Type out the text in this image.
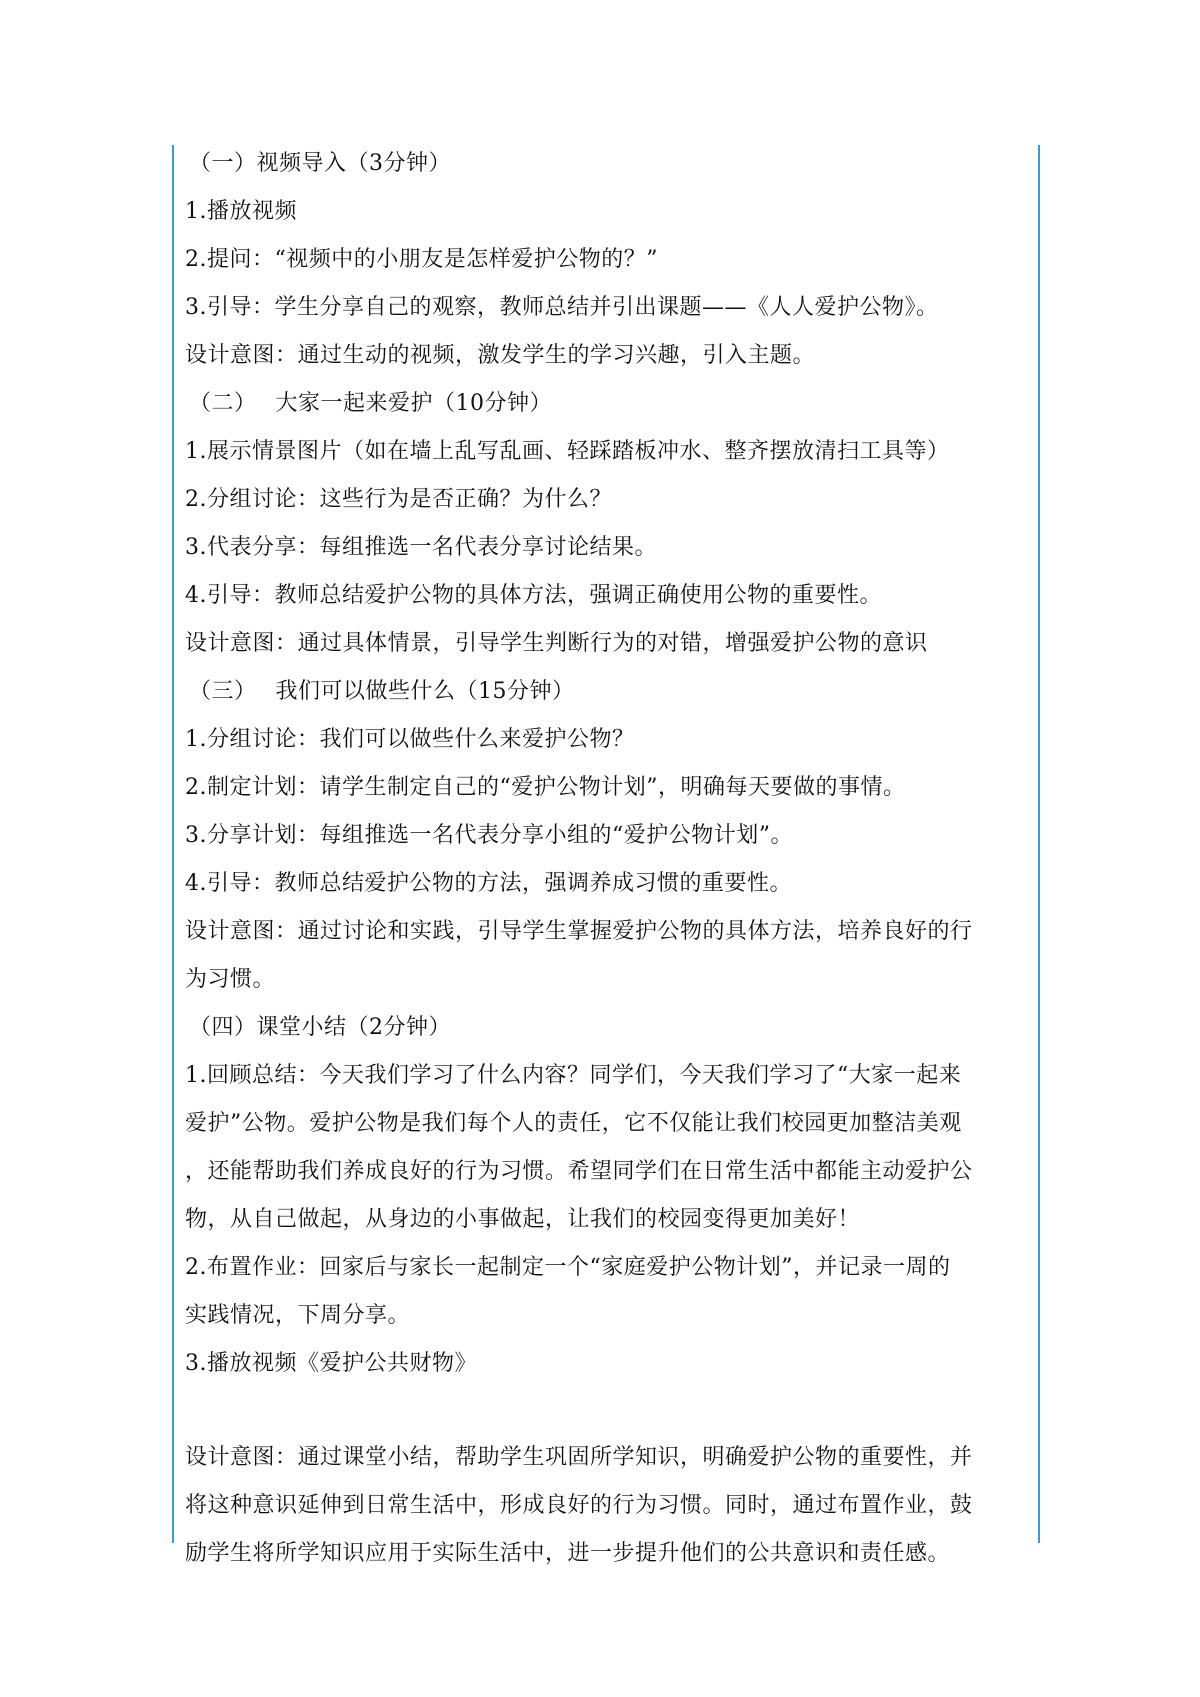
（一）视频导入（3分钟）
1.播放视频
2.提问：“视频中的小朋友是怎样爱护公物的？”
3.引导：学生分享自己的观察，教师总结并引出课题——《人人爱护公物》。
设计意图：通过生动的视频，激发学生的学习兴趣，引入主题。
（二）　 大家一起来爱护（10分钟）
1.展示情景图片（如在墙上乱写乱画、轻踩踏板冲水、整齐摆放清扫工具等）
2.分组讨论：这些行为是否正确？为什么？
3.代表分享：每组推选一名代表分享讨论结果。
4.引导：教师总结爱护公物的具体方法，强调正确使用公物的重要性。
设计意图：通过具体情景，引导学生判断行为的对错，增强爱护公物的意识
（三）　 我们可以做些什么（15分钟）
1.分组讨论：我们可以做些什么来爱护公物？
2.制定计划：请学生制定自己的“爱护公物计划”，明确每天要做的事情。
3.分享计划：每组推选一名代表分享小组的“爱护公物计划”。
4.引导：教师总结爱护公物的方法，强调养成习惯的重要性。
设计意图：通过讨论和实践，引导学生掌握爱护公物的具体方法，培养良好的行
为习惯。
（四）课堂小结（2分钟）
1.回顾总结：今天我们学习了什么内容？同学们，今天我们学习了“大家一起来
爱护”公物。爱护公物是我们每个人的责任，它不仅能让我们校园更加整洁美观
，还能帮助我们养成良好的行为习惯。希望同学们在日常生活中都能主动爱护公
物，从自己做起，从身边的小事做起，让我们的校园变得更加美好！
2.布置作业：回家后与家长一起制定一个“家庭爱护公物计划”，并记录一周的
实践情况，下周分享。
3.播放视频《爱护公共财物》
设计意图：通过课堂小结，帮助学生巩固所学知识，明确爱护公物的重要性，并
将这种意识延伸到日常生活中，形成良好的行为习惯。同时，通过布置作业，鼓
励学生将所学知识应用于实际生活中，进一步提升他们的公共意识和责任感。
